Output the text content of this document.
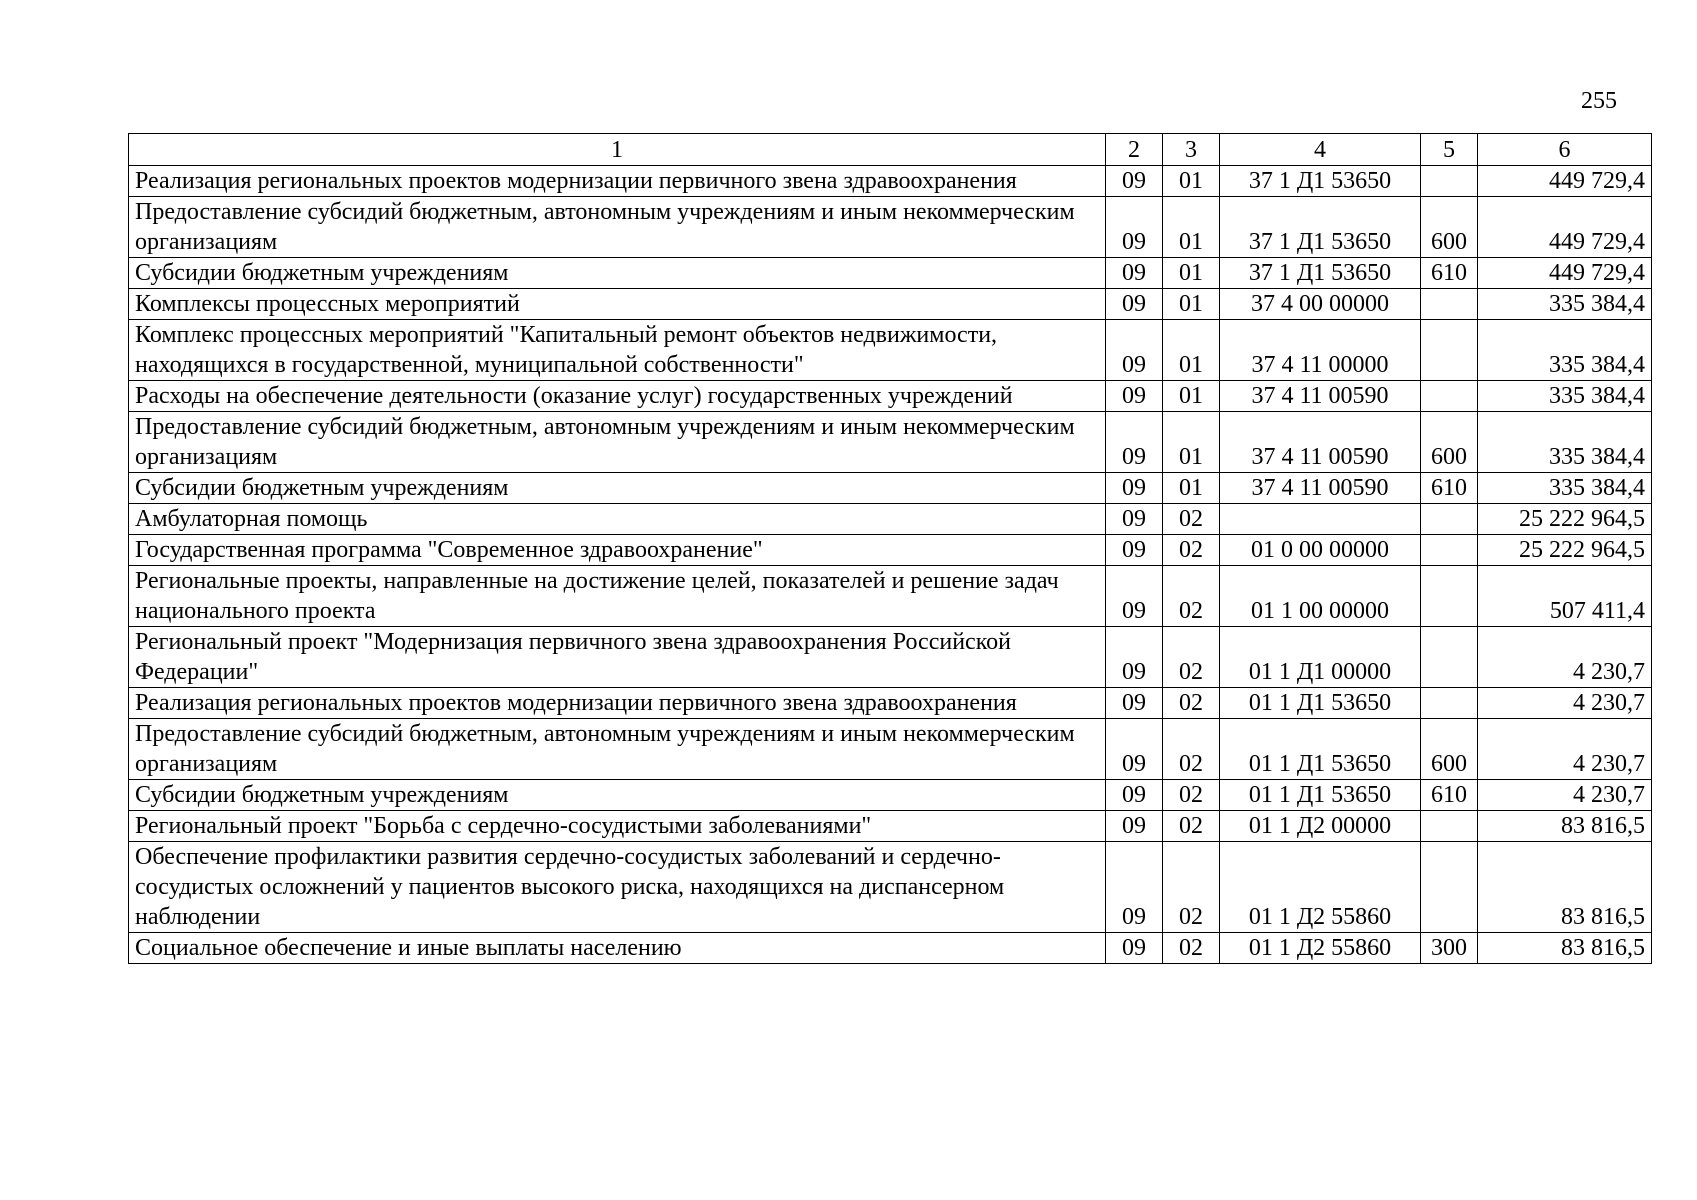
255
1	2	3	4	5	6
Реализация региональных проектов модернизации первичного звена здравоохранения	09	01	37 1 Д1 53650		449 729,4
Предоставление субсидий бюджетным, автономным учреждениям и иным некоммерческим организациям	09	01	37 1 Д1 53650	600	449 729,4
Субсидии бюджетным учреждениям	09	01	37 1 Д1 53650	610	449 729,4
Комплексы процессных мероприятий	09	01	37 4 00 00000		335 384,4
Комплекс процессных мероприятий "Капитальный ремонт объектов недвижимости, находящихся в государственной, муниципальной собственности"	09	01	37 4 11 00000		335 384,4
Расходы на обеспечение деятельности (оказание услуг) государственных учреждений	09	01	37 4 11 00590		335 384,4
Предоставление субсидий бюджетным, автономным учреждениям и иным некоммерческим организациям	09	01	37 4 11 00590	600	335 384,4
Субсидии бюджетным учреждениям	09	01	37 4 11 00590	610	335 384,4
Амбулаторная помощь	09	02			25 222 964,5
Государственная программа "Современное здравоохранение"	09	02	01 0 00 00000		25 222 964,5
Региональные проекты, направленные на достижение целей, показателей и решение задач национального проекта	09	02	01 1 00 00000		507 411,4
Региональный проект "Модернизация первичного звена здравоохранения Российской Федерации"	09	02	01 1 Д1 00000		4 230,7
Реализация региональных проектов модернизации первичного звена здравоохранения	09	02	01 1 Д1 53650		4 230,7
Предоставление субсидий бюджетным, автономным учреждениям и иным некоммерческим организациям	09	02	01 1 Д1 53650	600	4 230,7
Субсидии бюджетным учреждениям	09	02	01 1 Д1 53650	610	4 230,7
Региональный проект "Борьба с сердечно-сосудистыми заболеваниями"	09	02	01 1 Д2 00000		83 816,5
Обеспечение профилактики развития сердечно-сосудистых заболеваний и сердечно-сосудистых осложнений у пациентов высокого риска, находящихся на диспансерном наблюдении	09	02	01 1 Д2 55860		83 816,5
Социальное обеспечение и иные выплаты населению	09	02	01 1 Д2 55860	300	83 816,5
